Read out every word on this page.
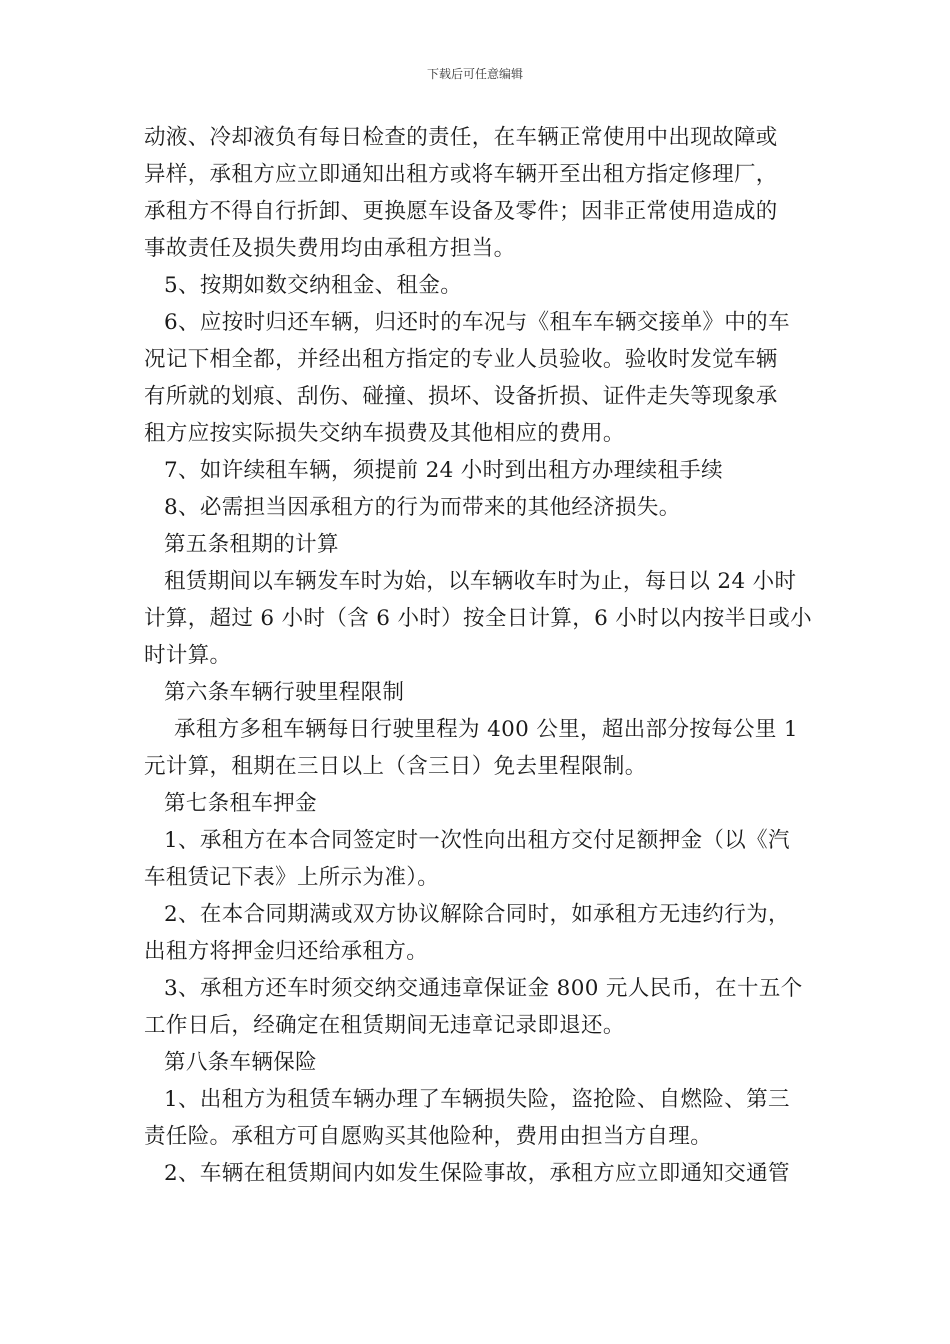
下载后可任意编辑
动液、冷却液负有每日检查的责任，在车辆正常使用中出现故障或
异样，承租方应立即通知出租方或将车辆开至出租方指定修理厂，
承租方不得自行折卸、更换愿车设备及零件；因非正常使用造成的
事故责任及损失费用均由承租方担当。
5、按期如数交纳租金、租金。
6、应按时归还车辆，归还时的车况与《租车车辆交接单》中的车
况记下相全都，并经出租方指定的专业人员验收。验收时发觉车辆
有所就的划痕、刮伤、碰撞、损坏、设备折损、证件走失等现象承
租方应按实际损失交纳车损费及其他相应的费用。
7、如许续租车辆，须提前 24 小时到出租方办理续租手续
8、必需担当因承租方的行为而带来的其他经济损失。
第五条租期的计算
租赁期间以车辆发车时为始，以车辆收车时为止，每日以 24 小时
计算，超过 6 小时（含 6 小时）按全日计算，6 小时以内按半日或小
时计算。
第六条车辆行驶里程限制
承租方多租车辆每日行驶里程为 400 公里，超出部分按每公里 1
元计算，租期在三日以上（含三日）免去里程限制。
第七条租车押金
1、承租方在本合同签定时一次性向出租方交付足额押金（以《汽
车租赁记下表》上所示为准）。
2、在本合同期满或双方协议解除合同时，如承租方无违约行为，
出租方将押金归还给承租方。
3、承租方还车时须交纳交通违章保证金 800 元人民币，在十五个
工作日后，经确定在租赁期间无违章记录即退还。
第八条车辆保险
1、出租方为租赁车辆办理了车辆损失险，盗抢险、自燃险、第三
责任险。承租方可自愿购买其他险种，费用由担当方自理。
2、车辆在租赁期间内如发生保险事故，承租方应立即通知交通管
